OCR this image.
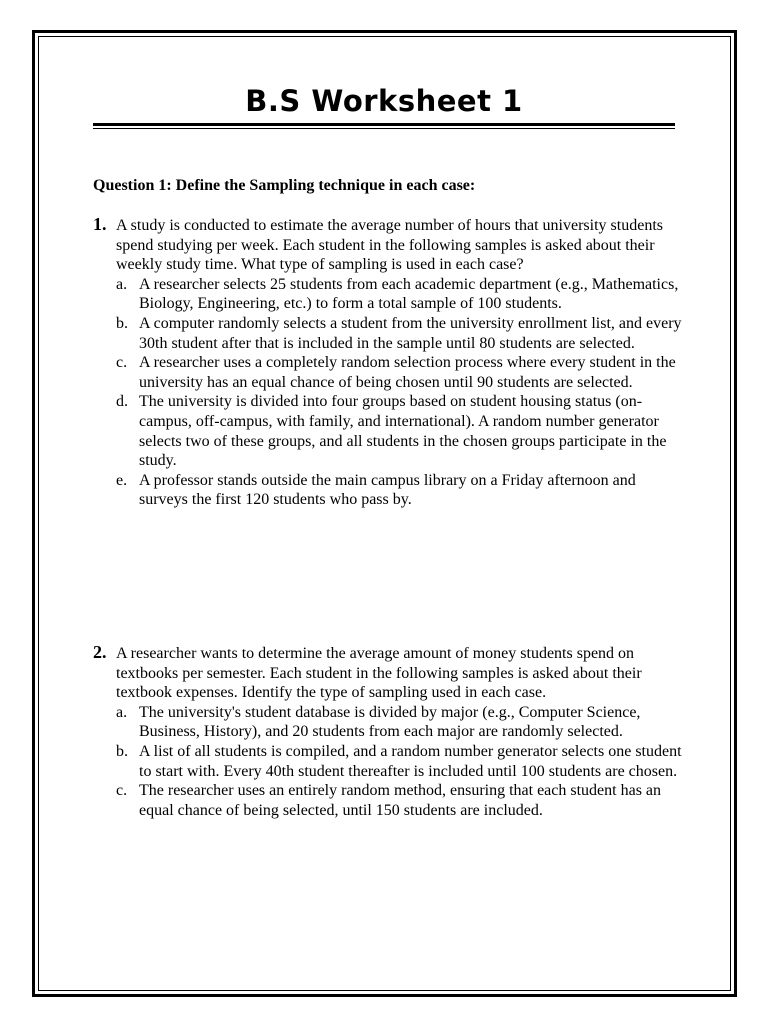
B.S Worksheet 1

Question 1: Define the Sampling technique in each case:

1. A study is conducted to estimate the average number of hours that university students spend studying per week. Each student in the following samples is asked about their weekly study time. What type of sampling is used in each case?

a. A researcher selects 25 students from each academic department (e.g., Mathematics, Biology, Engineering, etc.) to form a total sample of 100 students.
b. A computer randomly selects a student from the university enrollment list, and every 30th student after that is included in the sample until 80 students are selected.
c. A researcher uses a completely random selection process where every student in the university has an equal chance of being chosen until 90 students are selected.
d. The university is divided into four groups based on student housing status (on-campus, off-campus, with family, and international). A random number generator selects two of these groups, and all students in the chosen groups participate in the study.
e. A professor stands outside the main campus library on a Friday afternoon and surveys the first 120 students who pass by.
2. A researcher wants to determine the average amount of money students spend on textbooks per semester. Each student in the following samples is asked about their textbook expenses. Identify the type of sampling used in each case.

a. The university's student database is divided by major (e.g., Computer Science, Business, History), and 20 students from each major are randomly selected.
b. A list of all students is compiled, and a random number generator selects one student to start with. Every 40th student thereafter is included until 100 students are chosen.
c. The researcher uses an entirely random method, ensuring that each student has an equal chance of being selected, until 150 students are included.
